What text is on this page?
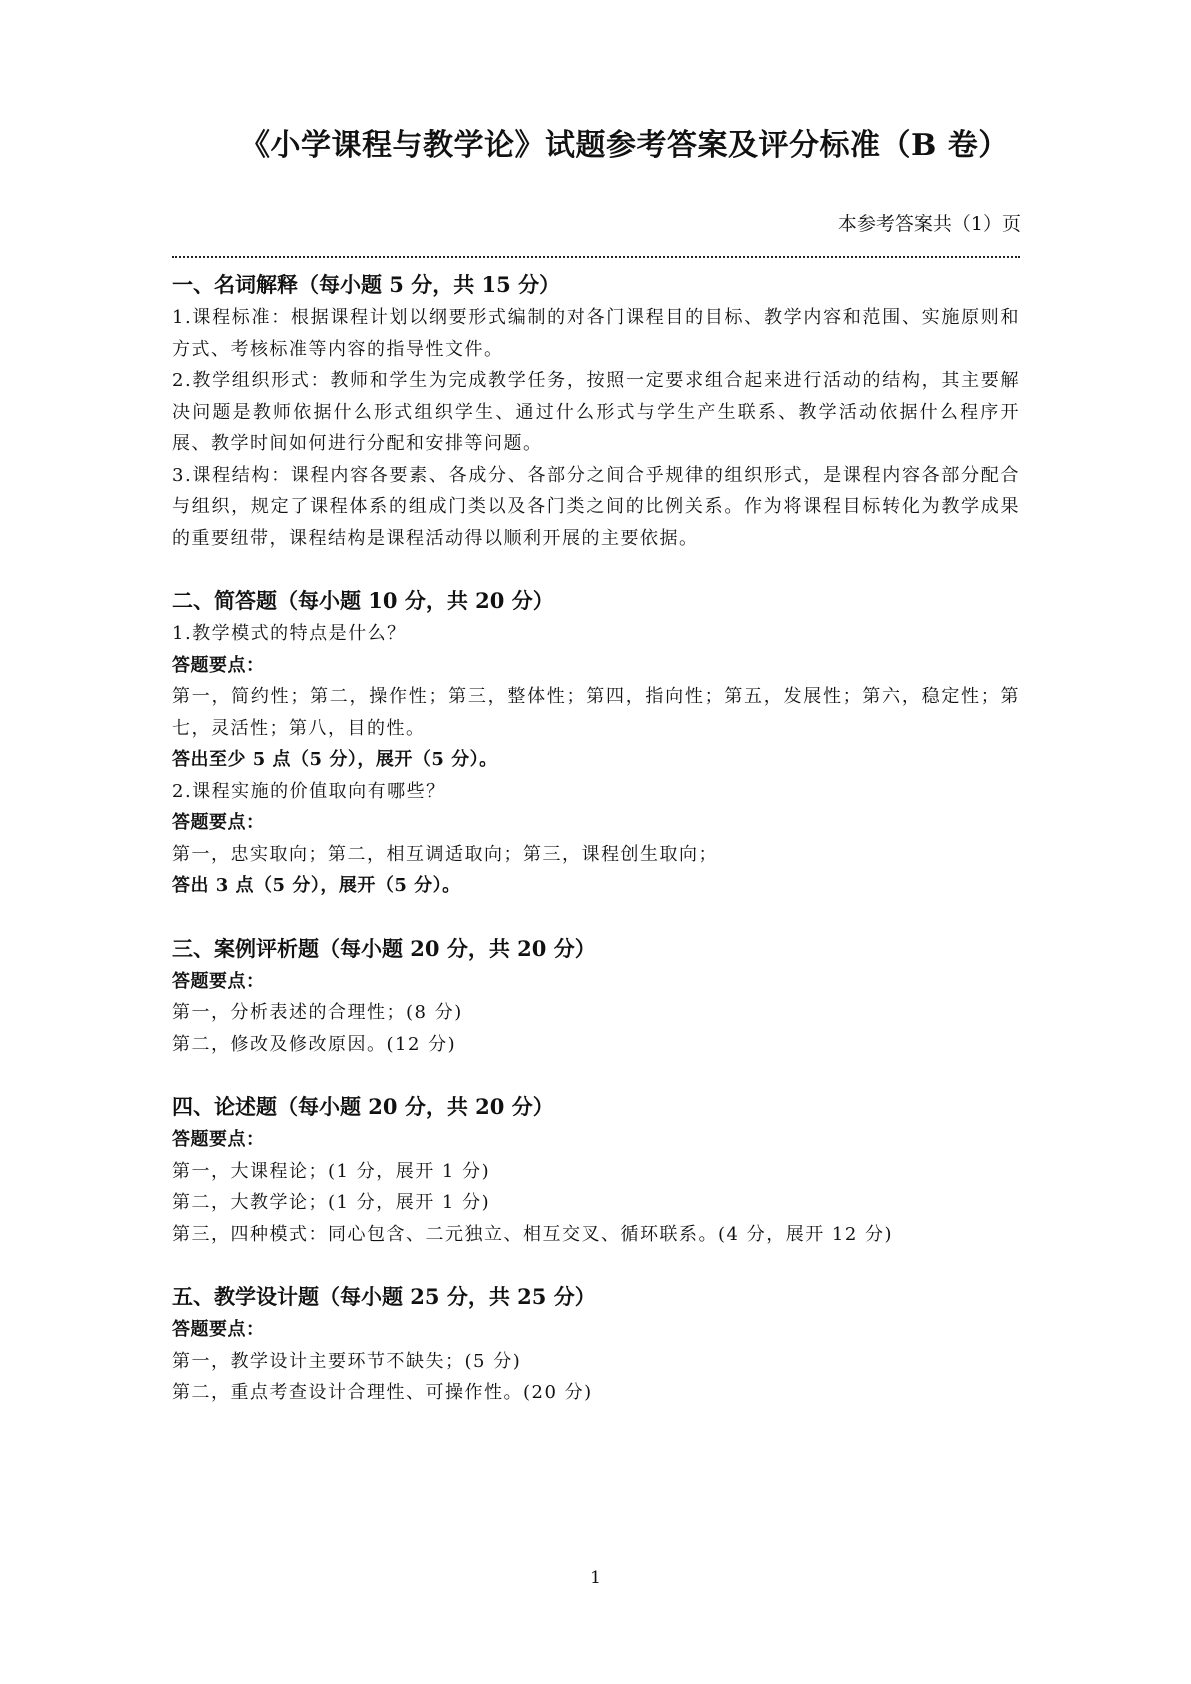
《小学课程与教学论》试题参考答案及评分标准（B 卷）
本参考答案共（1）页
一、名词解释（每小题 5 分，共 15 分）

1.课程标准：根据课程计划以纲要形式编制的对各门课程目的目标、教学内容和范围、实施原则和方式、考核标准等内容的指导性文件。

2.教学组织形式：教师和学生为完成教学任务，按照一定要求组合起来进行活动的结构，其主要解决问题是教师依据什么形式组织学生、通过什么形式与学生产生联系、教学活动依据什么程序开展、教学时间如何进行分配和安排等问题。

3.课程结构：课程内容各要素、各成分、各部分之间合乎规律的组织形式，是课程内容各部分配合与组织，规定了课程体系的组成门类以及各门类之间的比例关系。作为将课程目标转化为教学成果的重要纽带，课程结构是课程活动得以顺利开展的主要依据。

二、简答题（每小题 10 分，共 20 分）

1.教学模式的特点是什么？

答题要点：

第一，简约性；第二，操作性；第三，整体性；第四，指向性；第五，发展性；第六，稳定性；第七，灵活性；第八，目的性。

答出至少 5 点（5 分），展开（5 分）。

2.课程实施的价值取向有哪些？

答题要点：

第一，忠实取向；第二，相互调适取向；第三，课程创生取向；

答出 3 点（5 分），展开（5 分）。

三、案例评析题（每小题 20 分，共 20 分）

答题要点：

第一，分析表述的合理性；(8 分)

第二，修改及修改原因。(12 分)

四、论述题（每小题 20 分，共 20 分）

答题要点：

第一，大课程论；(1 分，展开 1 分)

第二，大教学论；(1 分，展开 1 分)

第三，四种模式：同心包含、二元独立、相互交叉、循环联系。(4 分，展开 12 分)

五、教学设计题（每小题 25 分，共 25 分）

答题要点：

第一，教学设计主要环节不缺失；(5 分)

第二，重点考查设计合理性、可操作性。(20 分)

1
